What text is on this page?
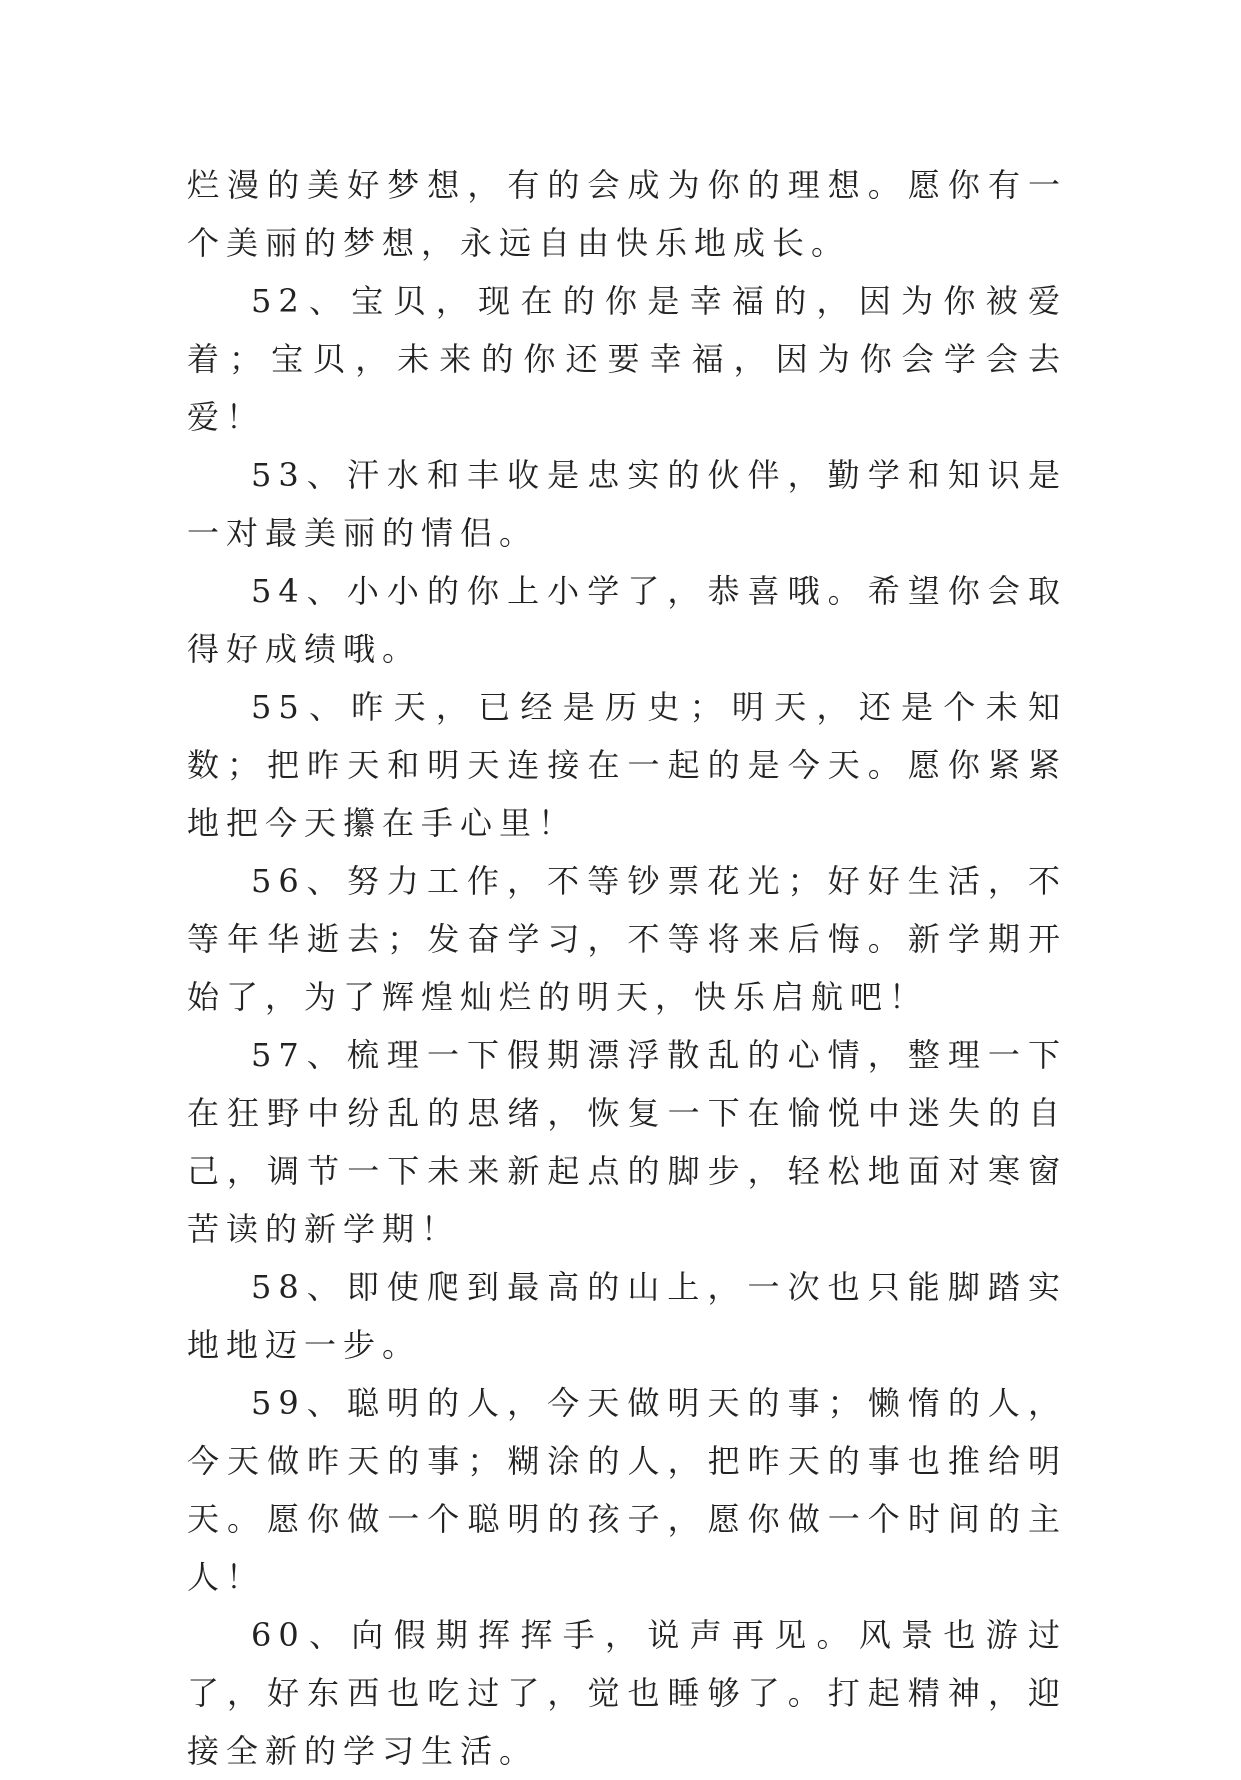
烂漫的美好梦想，有的会成为你的理想。愿你有一个美丽的梦想，永远自由快乐地成长。

52、宝贝，现在的你是幸福的，因为你被爱着；宝贝，未来的你还要幸福，因为你会学会去爱！

53、汗水和丰收是忠实的伙伴，勤学和知识是一对最美丽的情侣。

54、小小的你上小学了，恭喜哦。希望你会取得好成绩哦。

55、昨天，已经是历史；明天，还是个未知数；把昨天和明天连接在一起的是今天。愿你紧紧地把今天攥在手心里！

56、努力工作，不等钞票花光；好好生活，不等年华逝去；发奋学习，不等将来后悔。新学期开始了，为了辉煌灿烂的明天，快乐启航吧！

57、梳理一下假期漂浮散乱的心情，整理一下在狂野中纷乱的思绪，恢复一下在愉悦中迷失的自己，调节一下未来新起点的脚步，轻松地面对寒窗苦读的新学期！

58、即使爬到最高的山上，一次也只能脚踏实地地迈一步。

59、聪明的人，今天做明天的事；懒惰的人，今天做昨天的事；糊涂的人，把昨天的事也推给明天。愿你做一个聪明的孩子，愿你做一个时间的主人！

60、向假期挥挥手，说声再见。风景也游过了，好东西也吃过了，觉也睡够了。打起精神，迎接全新的学习生活。
